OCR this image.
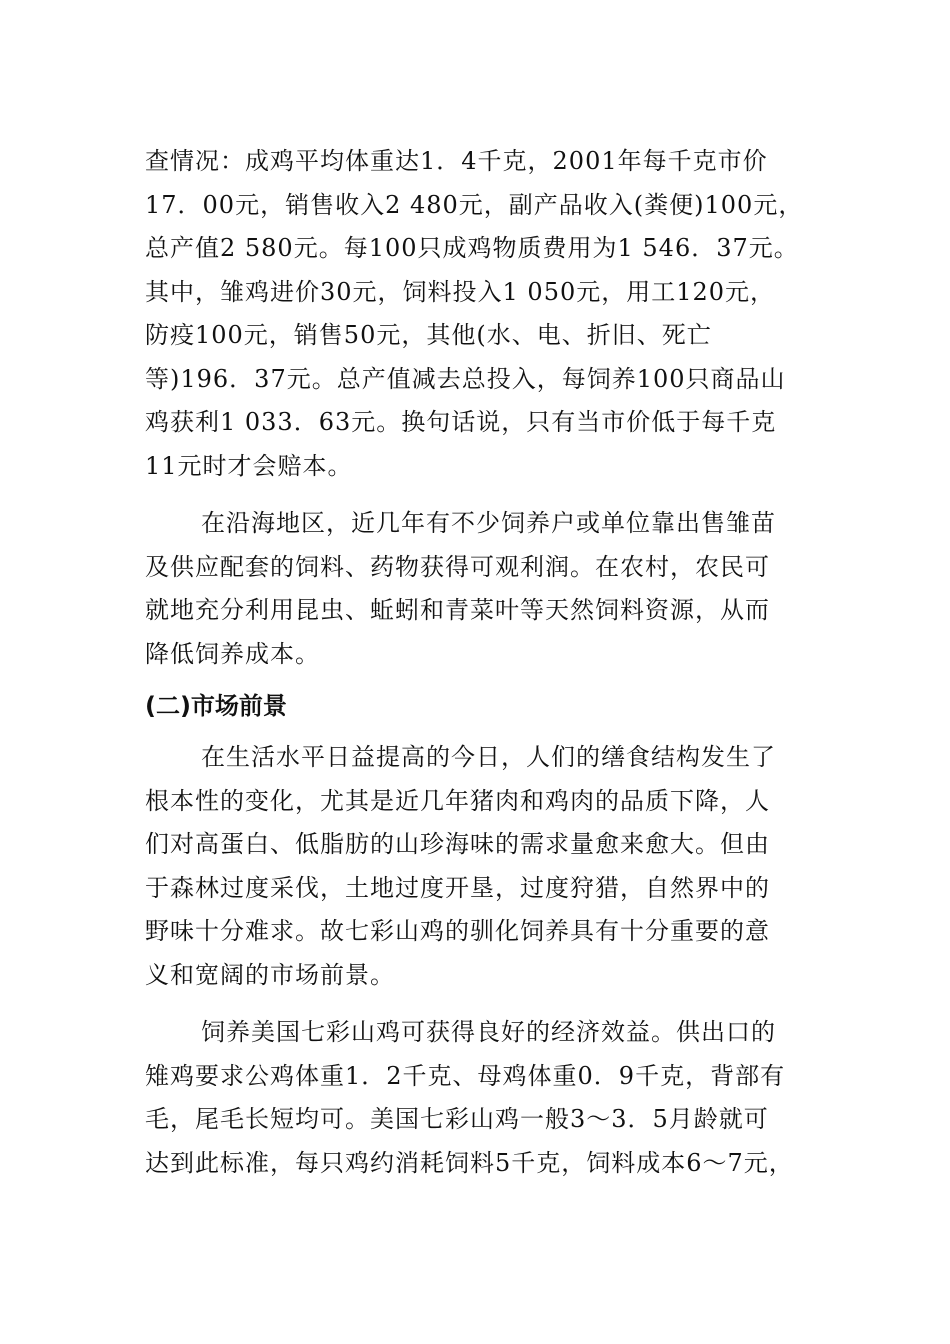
查情况：成鸡平均体重达1．4千克，2001年每千克市价
17．00元，销售收入2 480元，副产品收入(粪便)100元，
总产值2 580元。每100只成鸡物质费用为1 546．37元。
其中，雏鸡进价30元，饲料投入1 050元，用工120元，
防疫100元，销售50元，其他(水、电、折旧、死亡
等)196．37元。总产值减去总投入，每饲养100只商品山
鸡获利1 033．63元。换句话说，只有当市价低于每千克
11元时才会赔本。
在沿海地区，近几年有不少饲养户或单位靠出售雏苗
及供应配套的饲料、药物获得可观利润。在农村，农民可
就地充分利用昆虫、蚯蚓和青菜叶等天然饲料资源，从而
降低饲养成本。
(二)市场前景
在生活水平日益提高的今日，人们的缮食结构发生了
根本性的变化，尤其是近几年猪肉和鸡肉的品质下降，人
们对高蛋白、低脂肪的山珍海味的需求量愈来愈大。但由
于森林过度采伐，土地过度开垦，过度狩猎，自然界中的
野味十分难求。故七彩山鸡的驯化饲养具有十分重要的意
义和宽阔的市场前景。
饲养美国七彩山鸡可获得良好的经济效益。供出口的
雉鸡要求公鸡体重1．2千克、母鸡体重0．9千克，背部有
毛，尾毛长短均可。美国七彩山鸡一般3～3．5月龄就可
达到此标准，每只鸡约消耗饲料5千克，饲料成本6～7元，
